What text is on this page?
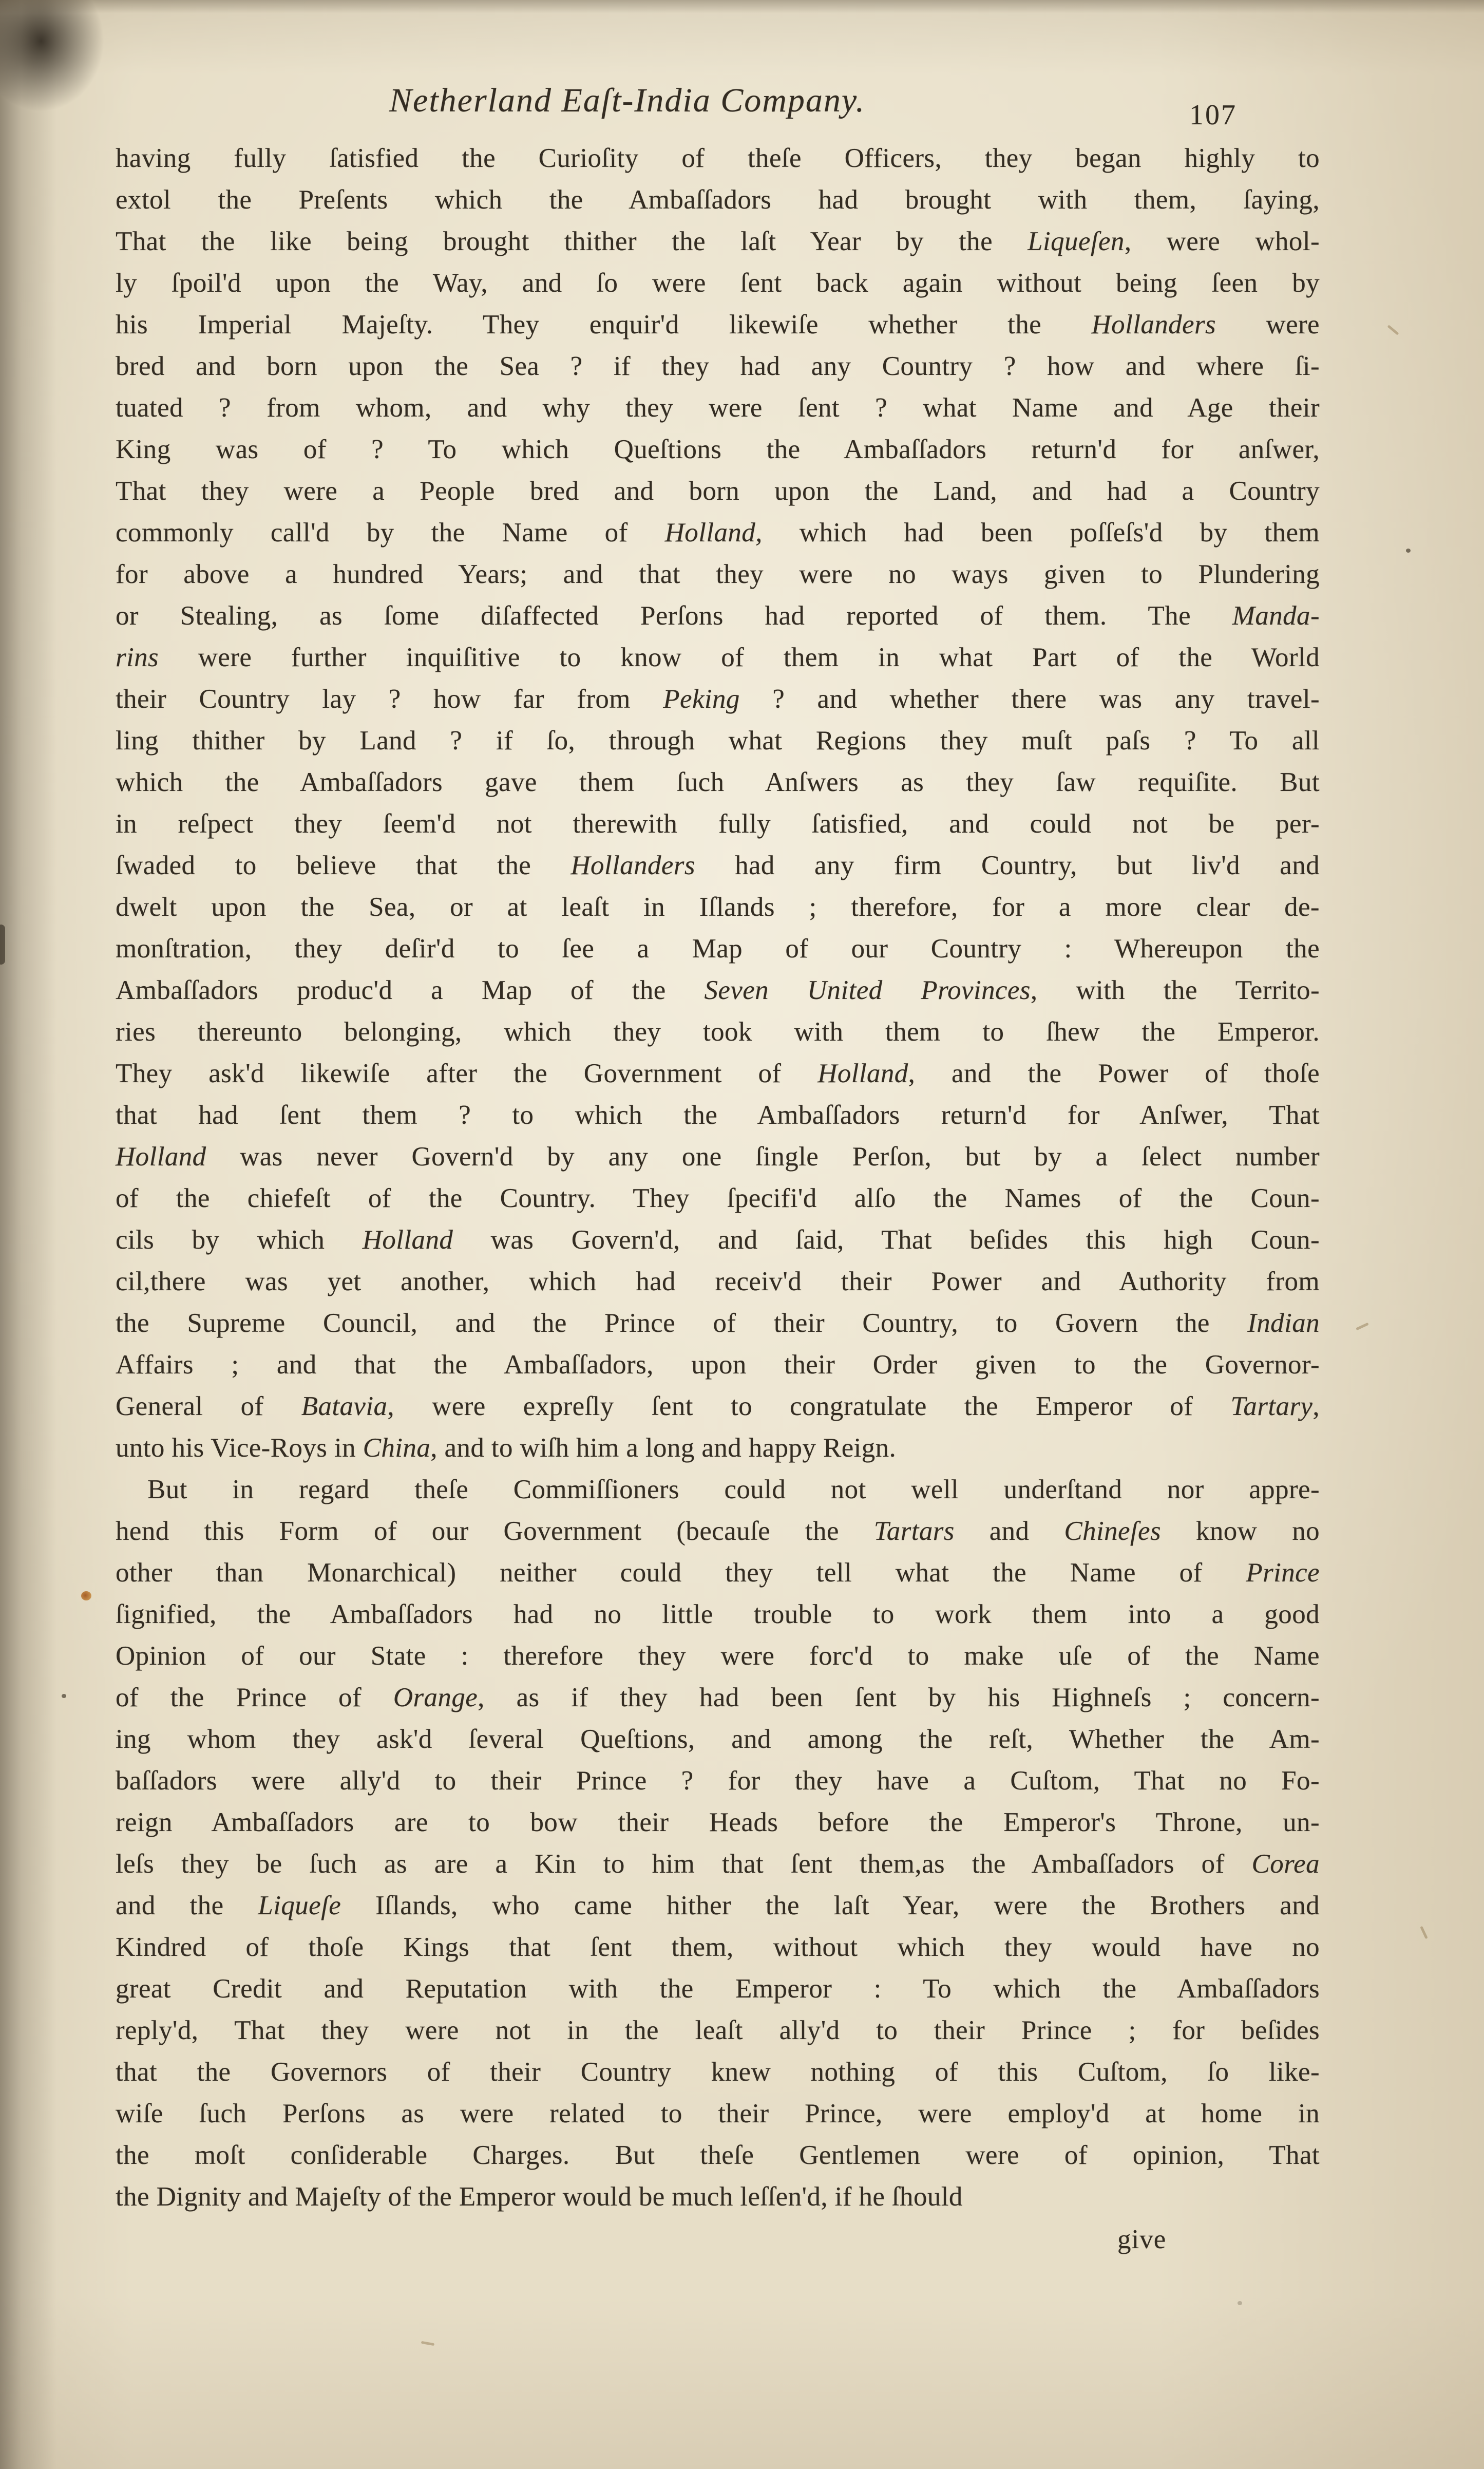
Netherland Eaſt-India Company.	107
having fully ſatisfied the Curioſity of theſe Officers, they began highly to
extol the Preſents which the Ambaſſadors had brought with them, ſaying,
That the like being brought thither the laſt Year by the Liqueſen, were whol-
ly ſpoil'd upon the Way, and ſo were ſent back again without being ſeen by
his Imperial Majeſty. They enquir'd likewiſe whether the Hollanders were
bred and born upon the Sea ? if they had any Country ? how and where ſi-
tuated ? from whom, and why they were ſent ? what Name and Age their
King was of ? To which Queſtions the Ambaſſadors return'd for anſwer,
That they were a People bred and born upon the Land, and had a Country
commonly call'd by the Name of Holland, which had been poſſeſs'd by them
for above a hundred Years; and that they were no ways given to Plundering
or Stealing, as ſome diſaffected Perſons had reported of them. The Manda-
rins were further inquiſitive to know of them in what Part of the World
their Country lay ? how far from Peking ? and whether there was any travel-
ling thither by Land ? if ſo, through what Regions they muſt paſs ? To all
which the Ambaſſadors gave them ſuch Anſwers as they ſaw requiſite. But
in reſpect they ſeem'd not therewith fully ſatisfied, and could not be per-
ſwaded to believe that the Hollanders had any firm Country, but liv'd and
dwelt upon the Sea, or at leaſt in Iſlands ; therefore, for a more clear de-
monſtration, they deſir'd to ſee a Map of our Country : Whereupon the
Ambaſſadors produc'd a Map of the Seven United Provinces, with the Territo-
ries thereunto belonging, which they took with them to ſhew the Emperor.
They ask'd likewiſe after the Government of Holland, and the Power of thoſe
that had ſent them ? to which the Ambaſſadors return'd for Anſwer, That
Holland was never Govern'd by any one ſingle Perſon, but by a ſelect number
of the chiefeſt of the Country. They ſpecifi'd alſo the Names of the Coun-
cils by which Holland was Govern'd, and ſaid, That beſides this high Coun-
cil,there was yet another, which had receiv'd their Power and Authority from
the Supreme Council, and the Prince of their Country, to Govern the Indian
Affairs ; and that the Ambaſſadors, upon their Order given to the Governor-
General of Batavia, were expreſly ſent to congratulate the Emperor of Tartary,
unto his Vice-Roys in China, and to wiſh him a long and happy Reign.
But in regard theſe Commiſſioners could not well underſtand nor appre-
hend this Form of our Government (becauſe the Tartars and Chineſes know no
other than Monarchical) neither could they tell what the Name of Prince
ſignified, the Ambaſſadors had no little trouble to work them into a good
Opinion of our State : therefore they were forc'd to make uſe of the Name
of the Prince of Orange, as if they had been ſent by his Highneſs ; concern-
ing whom they ask'd ſeveral Queſtions, and among the reſt, Whether the Am-
baſſadors were ally'd to their Prince ? for they have a Cuſtom, That no Fo-
reign Ambaſſadors are to bow their Heads before the Emperor's Throne, un-
leſs they be ſuch as are a Kin to him that ſent them,as the Ambaſſadors of Corea
and the Liqueſe Iſlands, who came hither the laſt Year, were the Brothers and
Kindred of thoſe Kings that ſent them, without which they would have no
great Credit and Reputation with the Emperor : To which the Ambaſſadors
reply'd, That they were not in the leaſt ally'd to their Prince ; for beſides
that the Governors of their Country knew nothing of this Cuſtom, ſo like-
wiſe ſuch Perſons as were related to their Prince, were employ'd at home in
the moſt conſiderable Charges. But theſe Gentlemen were of opinion, That
the Dignity and Majeſty of the Emperor would be much leſſen'd, if he ſhould
give
